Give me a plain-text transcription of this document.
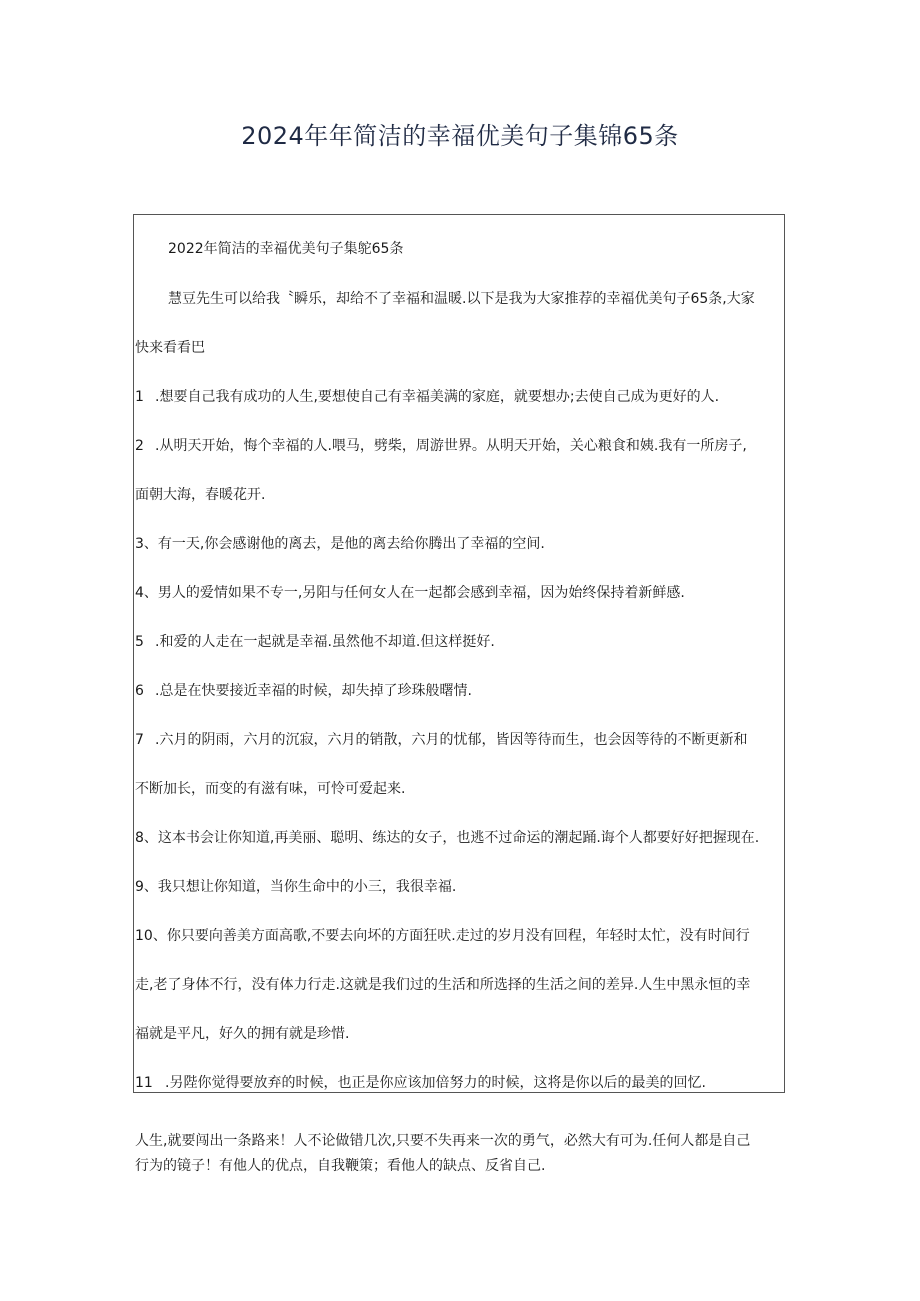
2024年年简洁的幸福优美句子集锦65条
2022年简洁的幸福优美句子集鸵65条
慧豆先生可以给我〝瞬乐，却给不了幸福和温暖.以下是我为大家推荐的幸福优美句子65条,大家
快来看看巴
1 .想要自己我有成功的人生,要想使自己有幸福美满的家庭，就要想办;去使自己成为更好的人.
2 .从明天开始，悔个幸福的人.喂马，劈柴，周游世界。从明天开始，关心粮食和姨.我有一所房子,
面朝大海，春暖花开.
3、有一天,你会感谢他的离去，是他的离去给你腾出了幸福的空间.
4、男人的爱情如果不专一,另阳与任何女人在一起都会感到幸福，因为始终保持着新鲜感.
5 .和爱的人走在一起就是幸福.虽然他不却道.但这样挺好.
6 .总是在快要接近幸福的时候，却失掉了珍珠般曙情.
7 .六月的阴雨，六月的沉寂，六月的销散，六月的忧郁，皆因等待而生，也会因等待的不断更新和
不断加长，而变的有滋有味，可怜可爱起来.
8、这本书会让你知道,再美丽、聪明、练达的女子，也逃不过命运的潮起踊.诲个人都要好好把握现在.
9、我只想让你知道，当你生命中的小三，我很幸福.
10、你只要向善美方面高歌,不要去向坏的方面狂吠.走过的岁月没有回程，年轻时太忙，没有时间行
走,老了身体不行，没有体力行走.这就是我们过的生活和所选择的生活之间的差异.人生中黑永恒的幸
福就是平凡，好久的拥有就是珍惜.
11 .另陛你觉得要放弃的时候，也正是你应该加倍努力的时候，这将是你以后的最美的回忆.
人生,就要闯出一条路来！人不论做错几次,只要不失再来一次的勇气，必然大有可为.任何人都是自己
行为的镜子！有他人的优点，自我鞭策；看他人的缺点、反省自己.
